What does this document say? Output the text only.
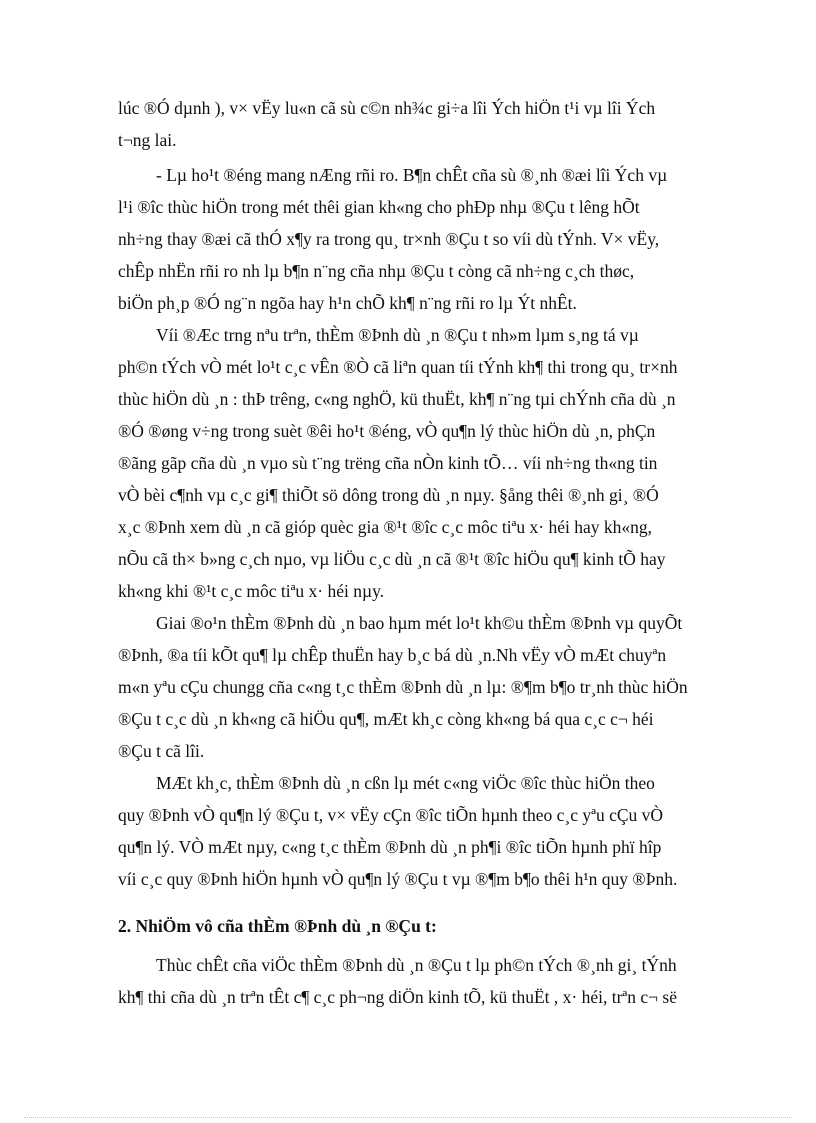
lúc ®Ó dµnh ), v× vËy lu«n cã sù c©n nh¾c gi÷a lîi Ých hiÖn t¹i vµ lîi Ých
t¬ng lai.
- Lµ ho¹t ®éng mang nÆng rñi ro. B¶n chÊt cña sù ®¸nh ®æi lîi Ých vµ
l¹i ®îc thùc hiÖn trong mét thêi gian kh«ng cho phÐp nhµ ®Çu t lêng hÕt
nh÷ng thay ®æi cã thÓ x¶y ra trong qu¸ tr×nh ®Çu t so víi dù tÝnh. V× vËy,
chÊp nhËn rñi ro nh lµ b¶n n¨ng cña nhµ ®Çu t còng cã nh÷ng c¸ch thøc,
biÖn ph¸p ®Ó ng¨n ngõa hay h¹n chÕ kh¶ n¨ng rñi ro lµ Ýt nhÊt.
Víi ®Æc trng nªu trªn, thÈm ®Þnh dù ¸n ®Çu t nh»m lµm s¸ng tá vµ
ph©n tÝch vÒ mét lo¹t c¸c vÊn ®Ò cã liªn quan tíi tÝnh kh¶ thi trong qu¸ tr×nh
thùc hiÖn dù ¸n : thÞ trêng, c«ng nghÖ, kü thuËt, kh¶ n¨ng tµi chÝnh cña dù ¸n
®Ó ®øng v÷ng trong suèt ®êi ho¹t ®éng, vÒ qu¶n lý thùc hiÖn dù ¸n, phÇn
®ãng gãp cña dù ¸n vµo sù t¨ng trëng cña nÒn kinh tÕ… víi nh÷ng th«ng tin
vÒ bèi c¶nh vµ c¸c gi¶ thiÕt sö dông trong dù ¸n nµy. §ång thêi ®¸nh gi¸ ®Ó
x¸c ®Þnh xem dù ¸n cã gióp quèc gia ®¹t ®îc c¸c môc tiªu x· héi hay kh«ng,
nÕu cã th× b»ng c¸ch nµo, vµ liÖu c¸c dù ¸n cã ®¹t ®îc hiÖu qu¶ kinh tÕ hay
kh«ng khi ®¹t c¸c môc tiªu x· héi nµy.
Giai ®o¹n thÈm ®Þnh dù ¸n bao hµm mét lo¹t kh©u thÈm ®Þnh vµ quyÕt
®Þnh, ®a tíi kÕt qu¶ lµ chÊp thuËn hay b¸c bá dù ¸n.Nh vËy vÒ mÆt chuyªn
m«n yªu cÇu chungg cña c«ng t¸c thÈm ®Þnh dù ¸n lµ: ®¶m b¶o tr¸nh thùc hiÖn
®Çu t c¸c dù ¸n kh«ng cã hiÖu qu¶, mÆt kh¸c còng kh«ng bá qua c¸c c¬ héi
®Çu t cã lîi.
MÆt kh¸c, thÈm ®Þnh dù ¸n cßn lµ mét c«ng viÖc ®îc thùc hiÖn theo
quy ®Þnh vÒ qu¶n lý ®Çu t, v× vËy cÇn ®îc tiÕn hµnh theo c¸c yªu cÇu vÒ
qu¶n lý. VÒ mÆt nµy, c«ng t¸c thÈm ®Þnh dù ¸n ph¶i ®îc tiÕn hµnh phï hîp
víi c¸c quy ®Þnh hiÖn hµnh vÒ qu¶n lý ®Çu t vµ ®¶m b¶o thêi h¹n quy ®Þnh.
2. NhiÖm vô cña thÈm ®Þnh dù ¸n ®Çu t:
Thùc chÊt cña viÖc thÈm ®Þnh dù ¸n ®Çu t lµ ph©n tÝch ®¸nh gi¸ tÝnh
kh¶ thi cña dù ¸n trªn tÊt c¶ c¸c ph¬ng diÖn kinh tÕ, kü thuËt , x· héi, trªn c¬ së
